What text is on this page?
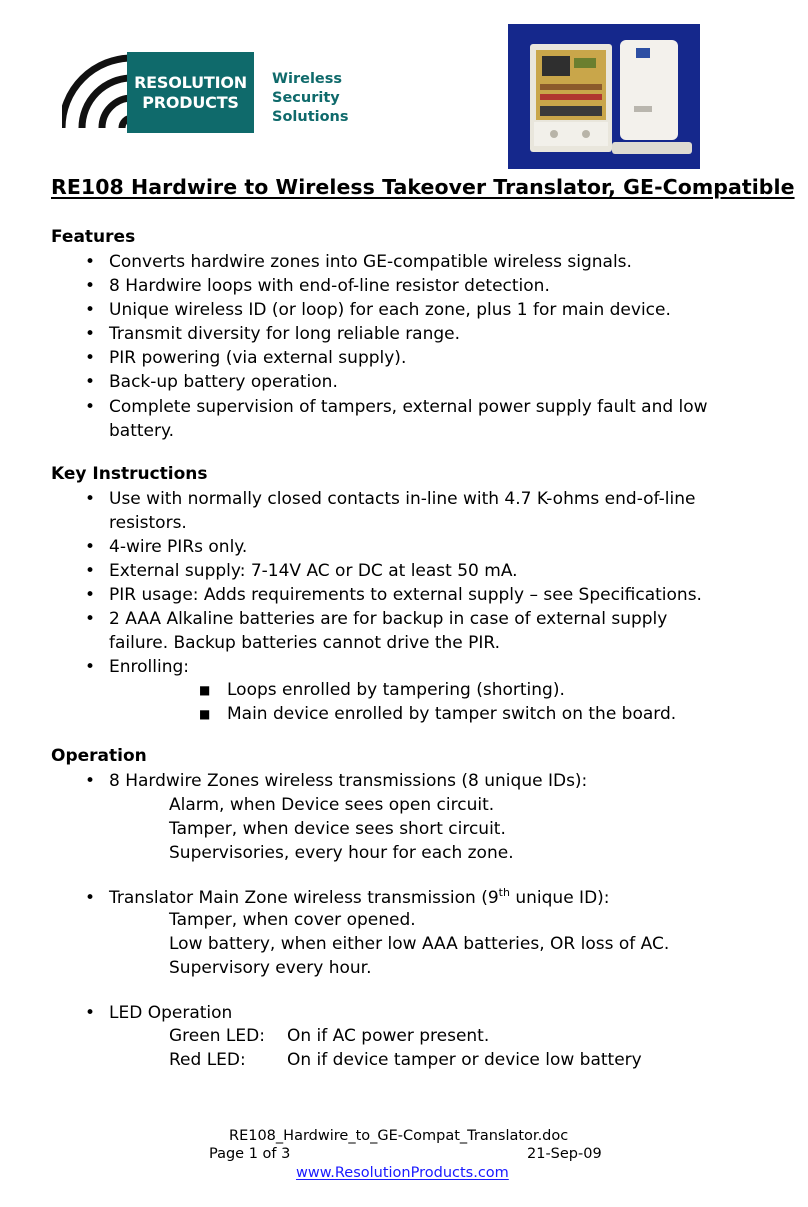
RESOLUTION
PRODUCTS
Wireless
Security
Solutions
RE108 Hardwire to Wireless Takeover Translator, GE-Compatible
Features
• Converts hardwire zones into GE-compatible wireless signals.
• 8 Hardwire loops with end-of-line resistor detection.
• Unique wireless ID (or loop) for each zone, plus 1 for main device.
• Transmit diversity for long reliable range.
• PIR powering (via external supply).
• Back-up battery operation.
• Complete supervision of tampers, external power supply fault and low
battery.
Key Instructions
• Use with normally closed contacts in-line with 4.7 K-ohms end-of-line
resistors.
• 4-wire PIRs only.
• External supply: 7-14V AC or DC at least 50 mA.
• PIR usage: Adds requirements to external supply – see Specifications.
• 2 AAA Alkaline batteries are for backup in case of external supply
failure. Backup batteries cannot drive the PIR.
• Enrolling:
■ Loops enrolled by tampering (shorting).
■ Main device enrolled by tamper switch on the board.
Operation
• 8 Hardwire Zones wireless transmissions (8 unique IDs):
Alarm, when Device sees open circuit.
Tamper, when device sees short circuit.
Supervisories, every hour for each zone.
• Translator Main Zone wireless transmission (9th unique ID):
Tamper, when cover opened.
Low battery, when either low AAA batteries, OR loss of AC.
Supervisory every hour.
• LED Operation
Green LED: On if AC power present.
Red LED: On if device tamper or device low battery
RE108_Hardwire_to_GE-Compat_Translator.doc
Page 1 of 3	21-Sep-09
www.ResolutionProducts.com
